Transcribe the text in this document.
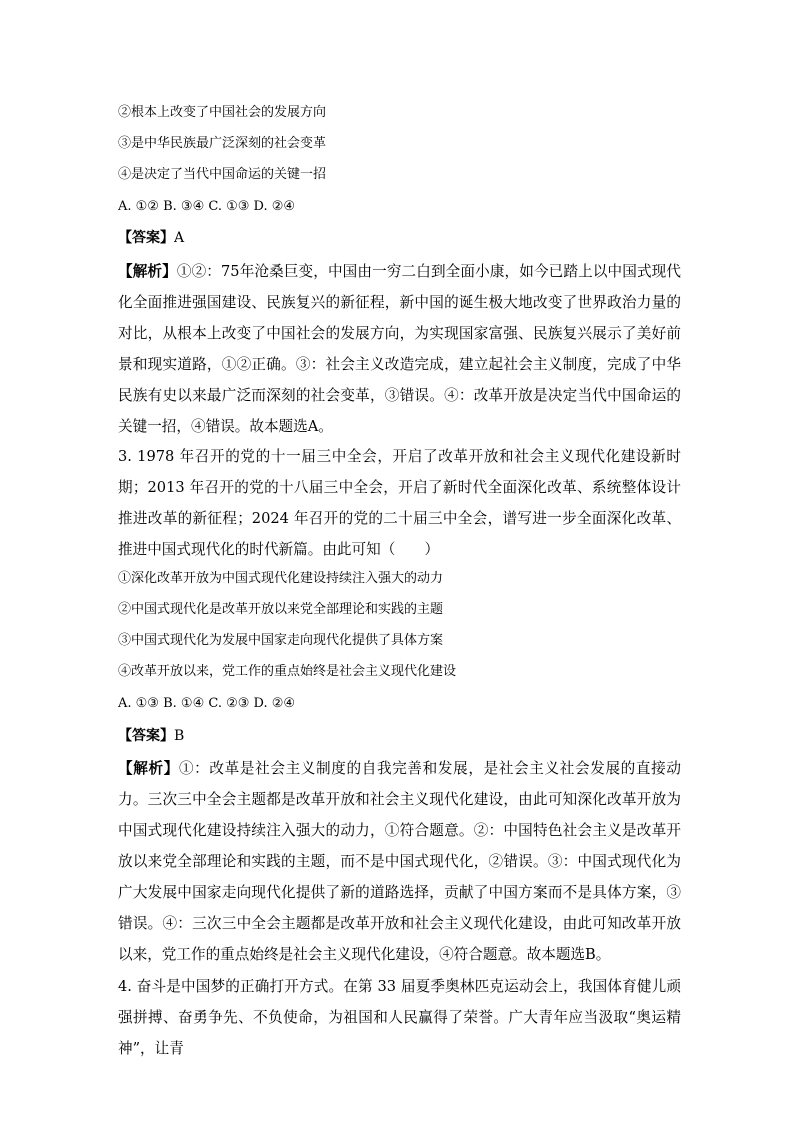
②根本上改变了中国社会的发展方向
③是中华民族最广泛深刻的社会变革
④是决定了当代中国命运的关键一招
A. ①② B. ③④ C. ①③ D. ②④
【答案】A
【解析】①②：75年沧桑巨变，中国由一穷二白到全面小康，如今已踏上以中国式现代化全面推进强国建设、民族复兴的新征程，新中国的诞生极大地改变了世界政治力量的对比，从根本上改变了中国社会的发展方向，为实现国家富强、民族复兴展示了美好前景和现实道路，①②正确。③：社会主义改造完成，建立起社会主义制度，完成了中华民族有史以来最广泛而深刻的社会变革，③错误。④：改革开放是决定当代中国命运的关键一招，④错误。故本题选A。
3. 1978 年召开的党的十一届三中全会，开启了改革开放和社会主义现代化建设新时期；2013 年召开的党的十八届三中全会，开启了新时代全面深化改革、系统整体设计推进改革的新征程；2024 年召开的党的二十届三中全会，谱写进一步全面深化改革、推进中国式现代化的时代新篇。由此可知（　　）
①深化改革开放为中国式现代化建设持续注入强大的动力
②中国式现代化是改革开放以来党全部理论和实践的主题
③中国式现代化为发展中国家走向现代化提供了具体方案
④改革开放以来，党工作的重点始终是社会主义现代化建设
A. ①③ B. ①④ C. ②③ D. ②④
【答案】B
【解析】①：改革是社会主义制度的自我完善和发展，是社会主义社会发展的直接动力。三次三中全会主题都是改革开放和社会主义现代化建设，由此可知深化改革开放为中国式现代化建设持续注入强大的动力，①符合题意。②：中国特色社会主义是改革开放以来党全部理论和实践的主题，而不是中国式现代化，②错误。③：中国式现代化为广大发展中国家走向现代化提供了新的道路选择，贡献了中国方案而不是具体方案，③错误。④：三次三中全会主题都是改革开放和社会主义现代化建设，由此可知改革开放以来，党工作的重点始终是社会主义现代化建设，④符合题意。故本题选B。
4. 奋斗是中国梦的正确打开方式。在第 33 届夏季奥林匹克运动会上，我国体育健儿顽强拼搏、奋勇争先、不负使命，为祖国和人民赢得了荣誉。广大青年应当汲取“奥运精神”，让青
